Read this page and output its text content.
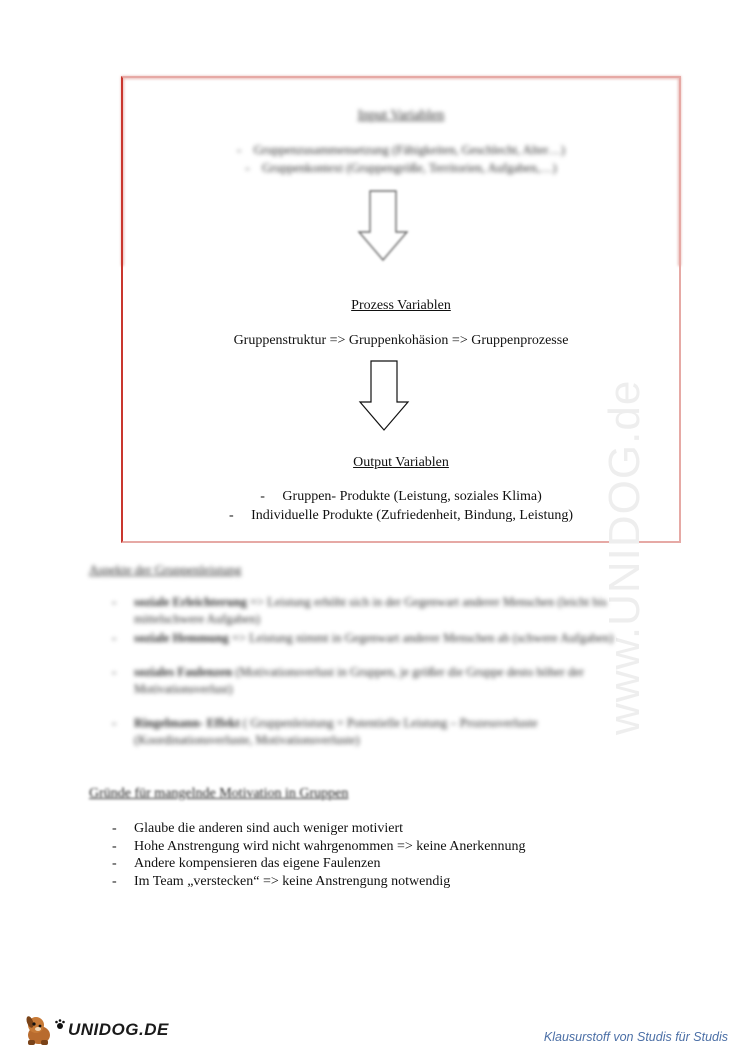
Input Variablen
-    Gruppenzusammensetzung (Fähigkeiten, Geschlecht, Alter…)
-    Gruppenkontext (Gruppengröße, Territorien, Aufgaben,…)
Prozess Variablen
Gruppenstruktur => Gruppenkohäsion => Gruppenprozesse
Output Variablen
-     Gruppen- Produkte (Leistung, soziales Klima)
-     Individuelle Produkte (Zufriedenheit, Bindung, Leistung) www.UNIDOG.de
Aspekte der Gruppenleistung
-	soziale Erleichterung => Leistung erhöht sich in der Gegenwart anderer Menschen (leicht bis mittelschwere Aufgaben)
-	soziale Hemmung => Leistung nimmt in Gegenwart anderer Menschen ab (schwere Aufgaben)
-	soziales Faulenzen (Motivationsverlust in Gruppen, je größer die Gruppe desto höher der Motivationsverlust)
-	Ringelmann- Effekt ( Gruppenleistung = Potentielle Leistung – Prozessverluste (Koordinationsverluste, Motivationsverluste)
Gründe für mangelnde Motivation in Gruppen
-	Glaube die anderen sind auch weniger motiviert
-	Hohe Anstrengung wird nicht wahrgenommen => keine Anerkennung
-	Andere kompensieren das eigene Faulenzen
-	Im Team „verstecken“ => keine Anstrengung notwendig
UNIDOG.DE	Klausurstoff von Studis für Studis
